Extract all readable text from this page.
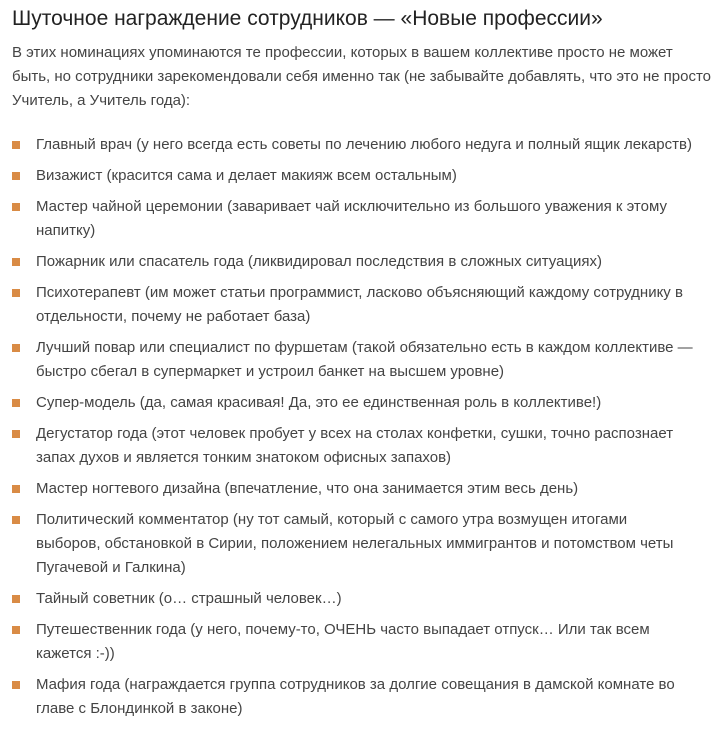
Шуточное награждение сотрудников — «Новые профессии»

В этих номинациях упоминаются те профессии, которых в вашем коллективе просто не может быть, но сотрудники зарекомендовали себя именно так (не забывайте добавлять, что это не просто Учитель, а Учитель года):

Главный врач (у него всегда есть советы по лечению любого недуга и полный ящик лекарств)
Визажист (красится сама и делает макияж всем остальным)
Мастер чайной церемонии (заваривает чай исключительно из большого уважения к этому напитку)
Пожарник или спасатель года (ликвидировал последствия в сложных ситуациях)
Психотерапевт (им может статьи программист, ласково объясняющий каждому сотруднику в отдельности, почему не работает база)
Лучший повар или специалист по фуршетам (такой обязательно есть в каждом коллективе — быстро сбегал в супермаркет и устроил банкет на высшем уровне)
Супер-модель (да, самая красивая! Да, это ее единственная роль в коллективе!)
Дегустатор года (этот человек пробует у всех на столах конфетки, сушки, точно распознает запах духов и является тонким знатоком офисных запахов)
Мастер ногтевого дизайна (впечатление, что она занимается этим весь день)
Политический комментатор (ну тот самый, который с самого утра возмущен итогами выборов, обстановкой в Сирии, положением нелегальных иммигрантов и потомством четы Пугачевой и Галкина)
Тайный советник (о… страшный человек…)
Путешественник года (у него, почему-то, ОЧЕНЬ часто выпадает отпуск… Или так всем кажется :-))
Мафия года (награждается группа сотрудников за долгие совещания в дамской комнате во главе с Блондинкой в законе)
